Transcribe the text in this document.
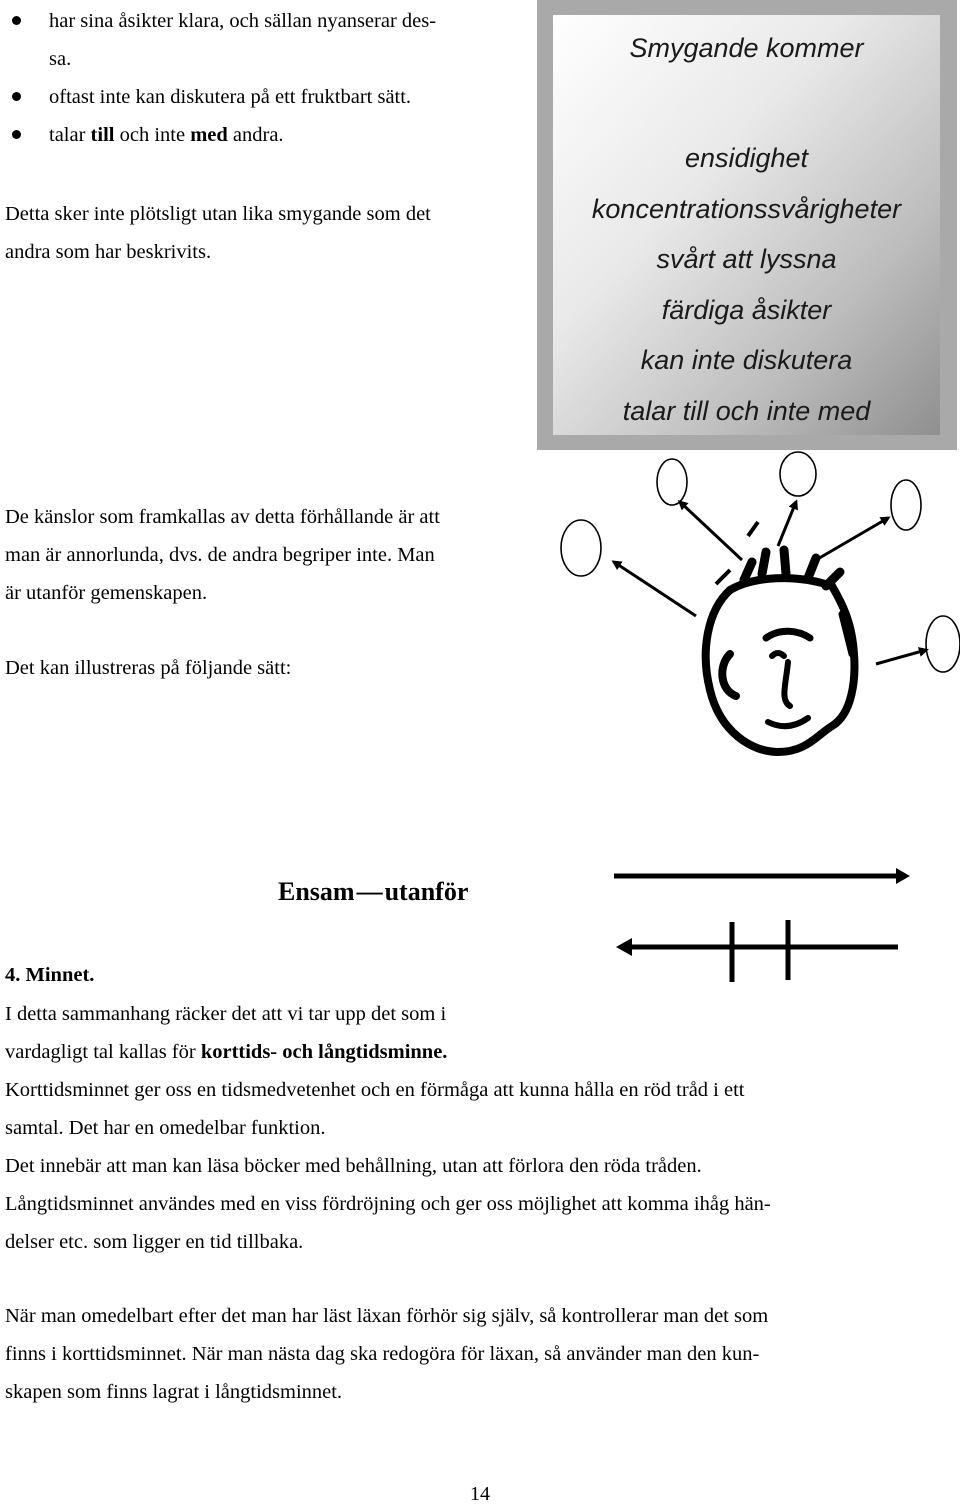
har sina åsikter klara, och sällan nyanserar des-
sa.
oftast inte kan diskutera på ett fruktbart sätt.
talar till och inte med andra.
Detta sker inte plötsligt utan lika smygande som det
andra som har beskrivits.
Smygande kommer
ensidighet
koncentrationssvårigheter
svårt att lyssna
färdiga åsikter
kan inte diskutera
talar till och inte med
De känslor som framkallas av detta förhållande är att
man är annorlunda, dvs. de andra begriper inte. Man
är utanför gemenskapen.
Det kan illustreras på följande sätt:
Ensam—utanför
4. Minnet.
I detta sammanhang räcker det att vi tar upp det som i
vardagligt tal kallas för korttids- och långtidsminne.
Korttidsminnet ger oss en tidsmedvetenhet och en förmåga att kunna hålla en röd tråd i ett
samtal. Det har en omedelbar funktion.
Det innebär att man kan läsa böcker med behållning, utan att förlora den röda tråden.
Långtidsminnet användes med en viss fördröjning och ger oss möjlighet att komma ihåg hän-
delser etc. som ligger en tid tillbaka.
När man omedelbart efter det man har läst läxan förhör sig själv, så kontrollerar man det som
finns i korttidsminnet. När man nästa dag ska redogöra för läxan, så använder man den kun-
skapen som finns lagrat i långtidsminnet.
14
